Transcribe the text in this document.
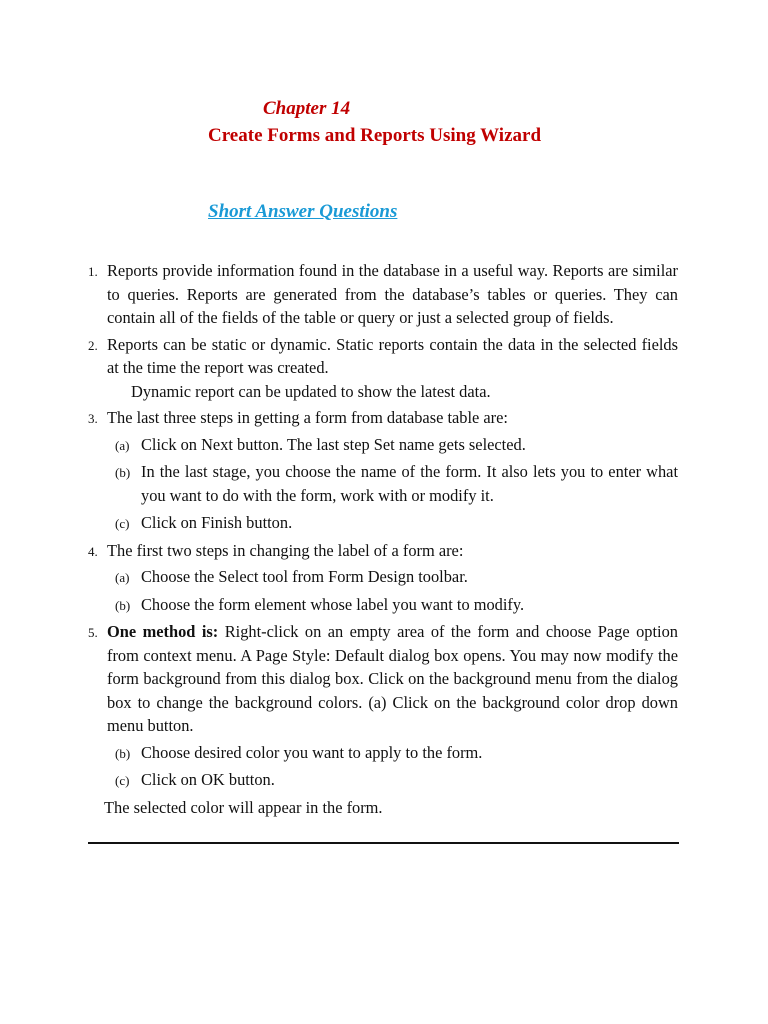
Chapter 14
Create Forms and Reports Using Wizard
Short Answer Questions
1. Reports provide information found in the database in a useful way. Reports are similar to queries. Reports are generated from the database’s tables or queries. They can contain all of the fields of the table or query or just a selected group of fields.
2. Reports can be static or dynamic. Static reports contain the data in the selected fields at the time the report was created.
Dynamic report can be updated to show the latest data.
3. The last three steps in getting a form from database table are:
(a) Click on Next button. The last step Set name gets selected.
(b) In the last stage, you choose the name of the form. It also lets you to enter what you want to do with the form, work with or modify it.
(c) Click on Finish button.
4. The first two steps in changing the label of a form are:
(a) Choose the Select tool from Form Design toolbar.
(b) Choose the form element whose label you want to modify.
5. One method is: Right-click on an empty area of the form and choose Page option from context menu. A Page Style: Default dialog box opens. You may now modify the form background from this dialog box. Click on the background menu from the dialog box to change the background colors. (a) Click on the background color drop down menu button.
(b) Choose desired color you want to apply to the form.
(c) Click on OK button.
The selected color will appear in the form.
